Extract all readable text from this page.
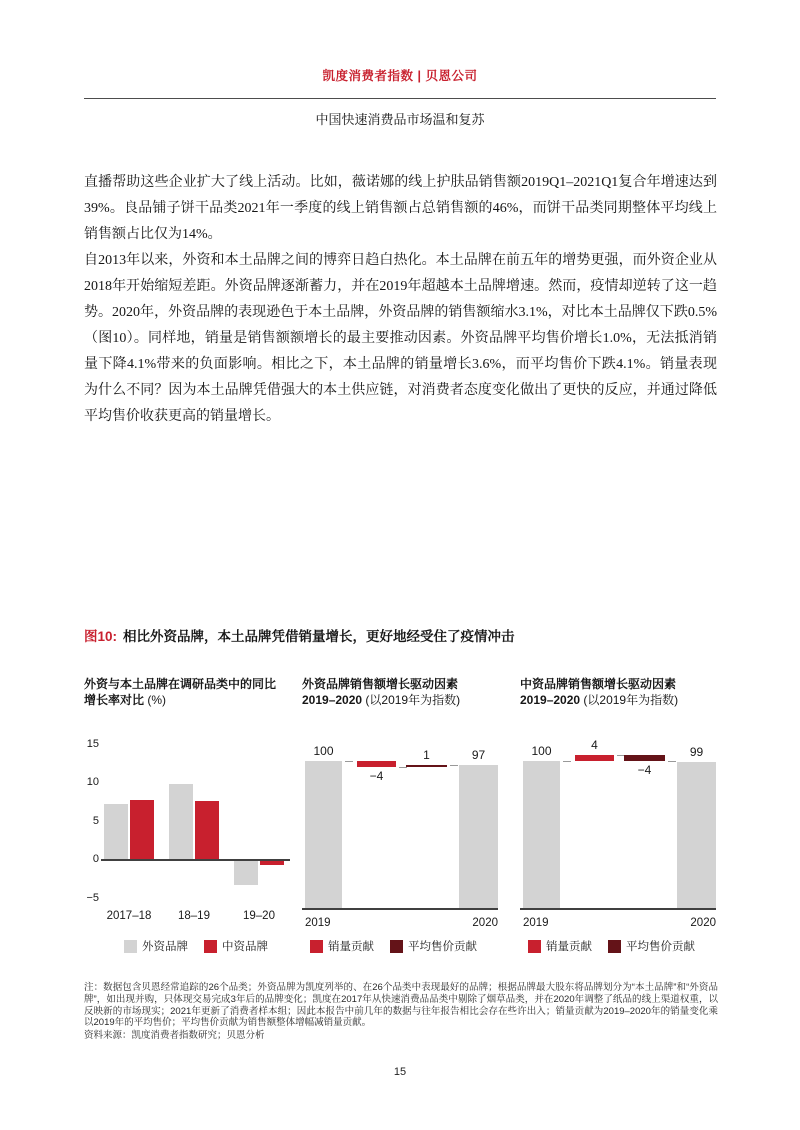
凯度消费者指数 | 贝恩公司
中国快速消费品市场温和复苏
直播帮助这些企业扩大了线上活动。比如，薇诺娜的线上护肤品销售额2019Q1–2021Q1复合年增速达到39%。良品铺子饼干品类2021年一季度的线上销售额占总销售额的46%，而饼干品类同期整体平均线上销售额占比仅为14%。
自2013年以来，外资和本土品牌之间的博弈日趋白热化。本土品牌在前五年的增势更强，而外资企业从2018年开始缩短差距。外资品牌逐渐蓄力，并在2019年超越本土品牌增速。然而，疫情却逆转了这一趋势。2020年，外资品牌的表现逊色于本土品牌，外资品牌的销售额缩水3.1%，对比本土品牌仅下跌0.5%（图10）。同样地，销量是销售额额增长的最主要推动因素。外资品牌平均售价增长1.0%，无法抵消销量下降4.1%带来的负面影响。相比之下，本土品牌的销量增长3.6%，而平均售价下跌4.1%。销量表现为什么不同？因为本土品牌凭借强大的本土供应链，对消费者态度变化做出了更快的反应，并通过降低平均售价收获更高的销量增长。
图10: 相比外资品牌，本土品牌凭借销量增长，更好地经受住了疫情冲击
外资与本土品牌在调研品类中的同比
增长率对比 (%)
15
10
5
0
−5
2017–18	18–19	19–20
外资品牌	中资品牌
外资品牌销售额增长驱动因素
2019–2020 (以2019年为指数)
100
2019
−4
1	97
2020
销量贡献	平均售价贡献
中资品牌销售额增长驱动因素
2019–2020 (以2019年为指数)
100
2019
4
−4
99
2020
销量贡献	平均售价贡献
注：数据包含贝恩经常追踪的26个品类；外资品牌为凯度列举的、在26个品类中表现最好的品牌；根据品牌最大股东将品牌划分为“本土品牌”和“外资品牌”，如出现并购，只体现交易完成3年后的品牌变化；凯度在2017年从快速消费品品类中剔除了烟草品类，并在2020年调整了纸品的线上渠道权重，以反映新的市场现实；2021年更新了消费者样本组；因此本报告中前几年的数据与往年报告相比会存在些许出入；销量贡献为2019–2020年的销量变化乘以2019年的平均售价；平均售价贡献为销售额整体增幅减销量贡献。
资料来源：凯度消费者指数研究；贝恩分析
15
